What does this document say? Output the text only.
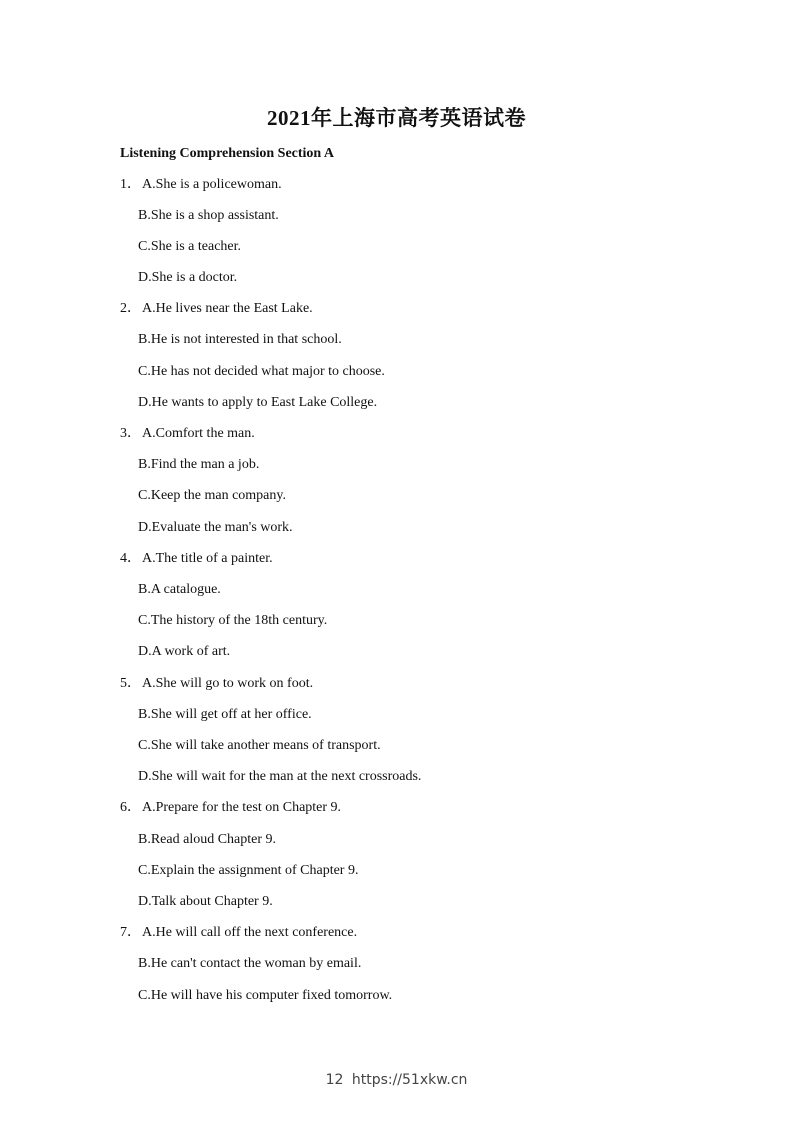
2021年上海市高考英语试卷
Listening Comprehension Section A
1．A.She is a policewoman.
B.She is a shop assistant.
C.She is a teacher.
D.She is a doctor.
2．A.He lives near the East Lake.
B.He is not interested in that school.
C.He has not decided what major to choose.
D.He wants to apply to East Lake College.
3．A.Comfort the man.
B.Find the man a job.
C.Keep the man company.
D.Evaluate the man's work.
4．A.The title of a painter.
B.A catalogue.
C.The history of the 18th century.
D.A work of art.
5．A.She will go to work on foot.
B.She will get off at her office.
C.She will take another means of transport.
D.She will wait for the man at the next crossroads.
6．A.Prepare for the test on Chapter 9.
B.Read aloud Chapter 9.
C.Explain the assignment of Chapter 9.
D.Talk about Chapter 9.
7．A.He will call off the next conference.
B.He can't contact the woman by email.
C.He will have his computer fixed tomorrow.
12 https://51xkw.cn
